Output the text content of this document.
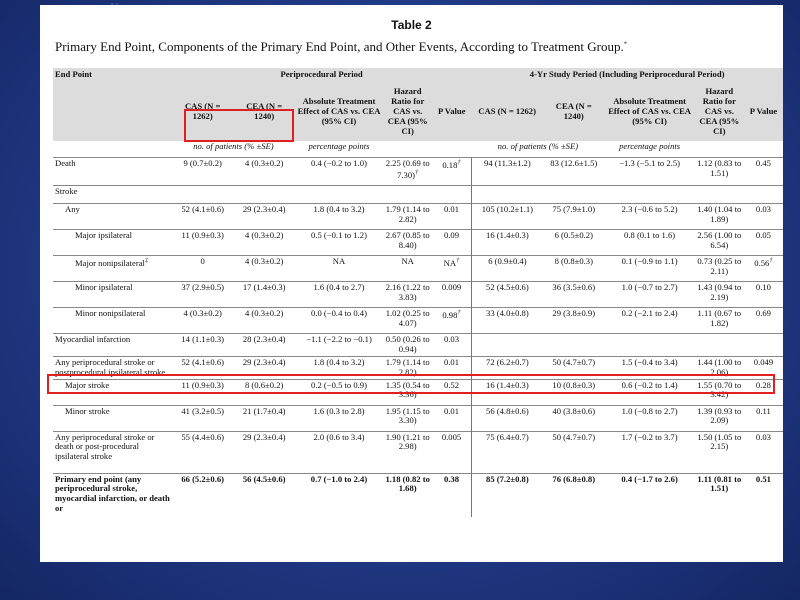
Table 2
Primary End Point, Components of the Primary End Point, and Other Events, According to Treatment Group.*
End Point	Periprocedural Period					4-Yr Study Period (Including Periprocedural Period)				
	CAS (N = 1262)	CEA (N = 1240)	Absolute Treatment Effect of CAS vs. CEA (95% CI)	Hazard Ratio for CAS vs. CEA (95% CI)	P Value	CAS (N = 1262)	CEA (N = 1240)	Absolute Treatment Effect of CAS vs. CEA (95% CI)	Hazard Ratio for CAS vs. CEA (95% CI)	P Value
	no. of patients (% ±SE)		percentage points			no. of patients (% ±SE)		percentage points		
Death	9 (0.7±0.2)	4 (0.3±0.2)	0.4 (−0.2 to 1.0)	2.25 (0.69 to 7.30)†	0.18†	94 (11.3±1.2)	83 (12.6±1.5)	−1.3 (−5.1 to 2.5)	1.12 (0.83 to 1.51)	0.45
Stroke										
Any	52 (4.1±0.6)	29 (2.3±0.4)	1.8 (0.4 to 3.2)	1.79 (1.14 to 2.82)	0.01	105 (10.2±1.1)	75 (7.9±1.0)	2.3 (−0.6 to 5.2)	1.40 (1.04 to 1.89)	0.03
Major ipsilateral	11 (0.9±0.3)	4 (0.3±0.2)	0.5 (−0.1 to 1.2)	2.67 (0.85 to 8.40)	0.09	16 (1.4±0.3)	6 (0.5±0.2)	0.8 (0.1 to 1.6)	2.56 (1.00 to 6.54)	0.05
Major nonipsilateral‡	0	4 (0.3±0.2)	NA	NA	NA†	6 (0.9±0.4)	8 (0.8±0.3)	0.1 (−0.9 to 1.1)	0.73 (0.25 to 2.11)	0.56†
Minor ipsilateral	37 (2.9±0.5)	17 (1.4±0.3)	1.6 (0.4 to 2.7)	2.16 (1.22 to 3.83)	0.009	52 (4.5±0.6)	36 (3.5±0.6)	1.0 (−0.7 to 2.7)	1.43 (0.94 to 2.19)	0.10
Minor nonipsilateral	4 (0.3±0.2)	4 (0.3±0.2)	0.0 (−0.4 to 0.4)	1.02 (0.25 to 4.07)	0.98†	33 (4.0±0.8)	29 (3.8±0.9)	0.2 (−2.1 to 2.4)	1.11 (0.67 to 1.82)	0.69
Myocardial infarction	14 (1.1±0.3)	28 (2.3±0.4)	−1.1 (−2.2 to −0.1)	0.50 (0.26 to 0.94)	0.03					
Any periprocedural stroke or postprocedural ipsilateral stroke	52 (4.1±0.6)	29 (2.3±0.4)	1.8 (0.4 to 3.2)	1.79 (1.14 to 2.82)	0.01	72 (6.2±0.7)	50 (4.7±0.7)	1.5 (−0.4 to 3.4)	1.44 (1.00 to 2.06)	0.049
Major stroke	11 (0.9±0.3)	8 (0.6±0.2)	0.2 (−0.5 to 0.9)	1.35 (0.54 to 3.36)	0.52	16 (1.4±0.3)	10 (0.8±0.3)	0.6 (−0.2 to 1.4)	1.55 (0.70 to 3.42)	0.28
Minor stroke	41 (3.2±0.5)	21 (1.7±0.4)	1.6 (0.3 to 2.8)	1.95 (1.15 to 3.30)	0.01	56 (4.8±0.6)	40 (3.8±0.6)	1.0 (−0.8 to 2.7)	1.39 (0.93 to 2.09)	0.11
Any periprocedural stroke or death or post-procedural ipsilateral stroke	55 (4.4±0.6)	29 (2.3±0.4)	2.0 (0.6 to 3.4)	1.90 (1.21 to 2.98)	0.005	75 (6.4±0.7)	50 (4.7±0.7)	1.7 (−0.2 to 3.7)	1.50 (1.05 to 2.15)	0.03
Primary end point (any periprocedural stroke, myocardial infarction, or death or	66 (5.2±0.6)	56 (4.5±0.6)	0.7 (−1.0 to 2.4)	1.18 (0.82 to 1.68)	0.38	85 (7.2±0.8)	76 (6.8±0.8)	0.4 (−1.7 to 2.6)	1.11 (0.81 to 1.51)	0.51
